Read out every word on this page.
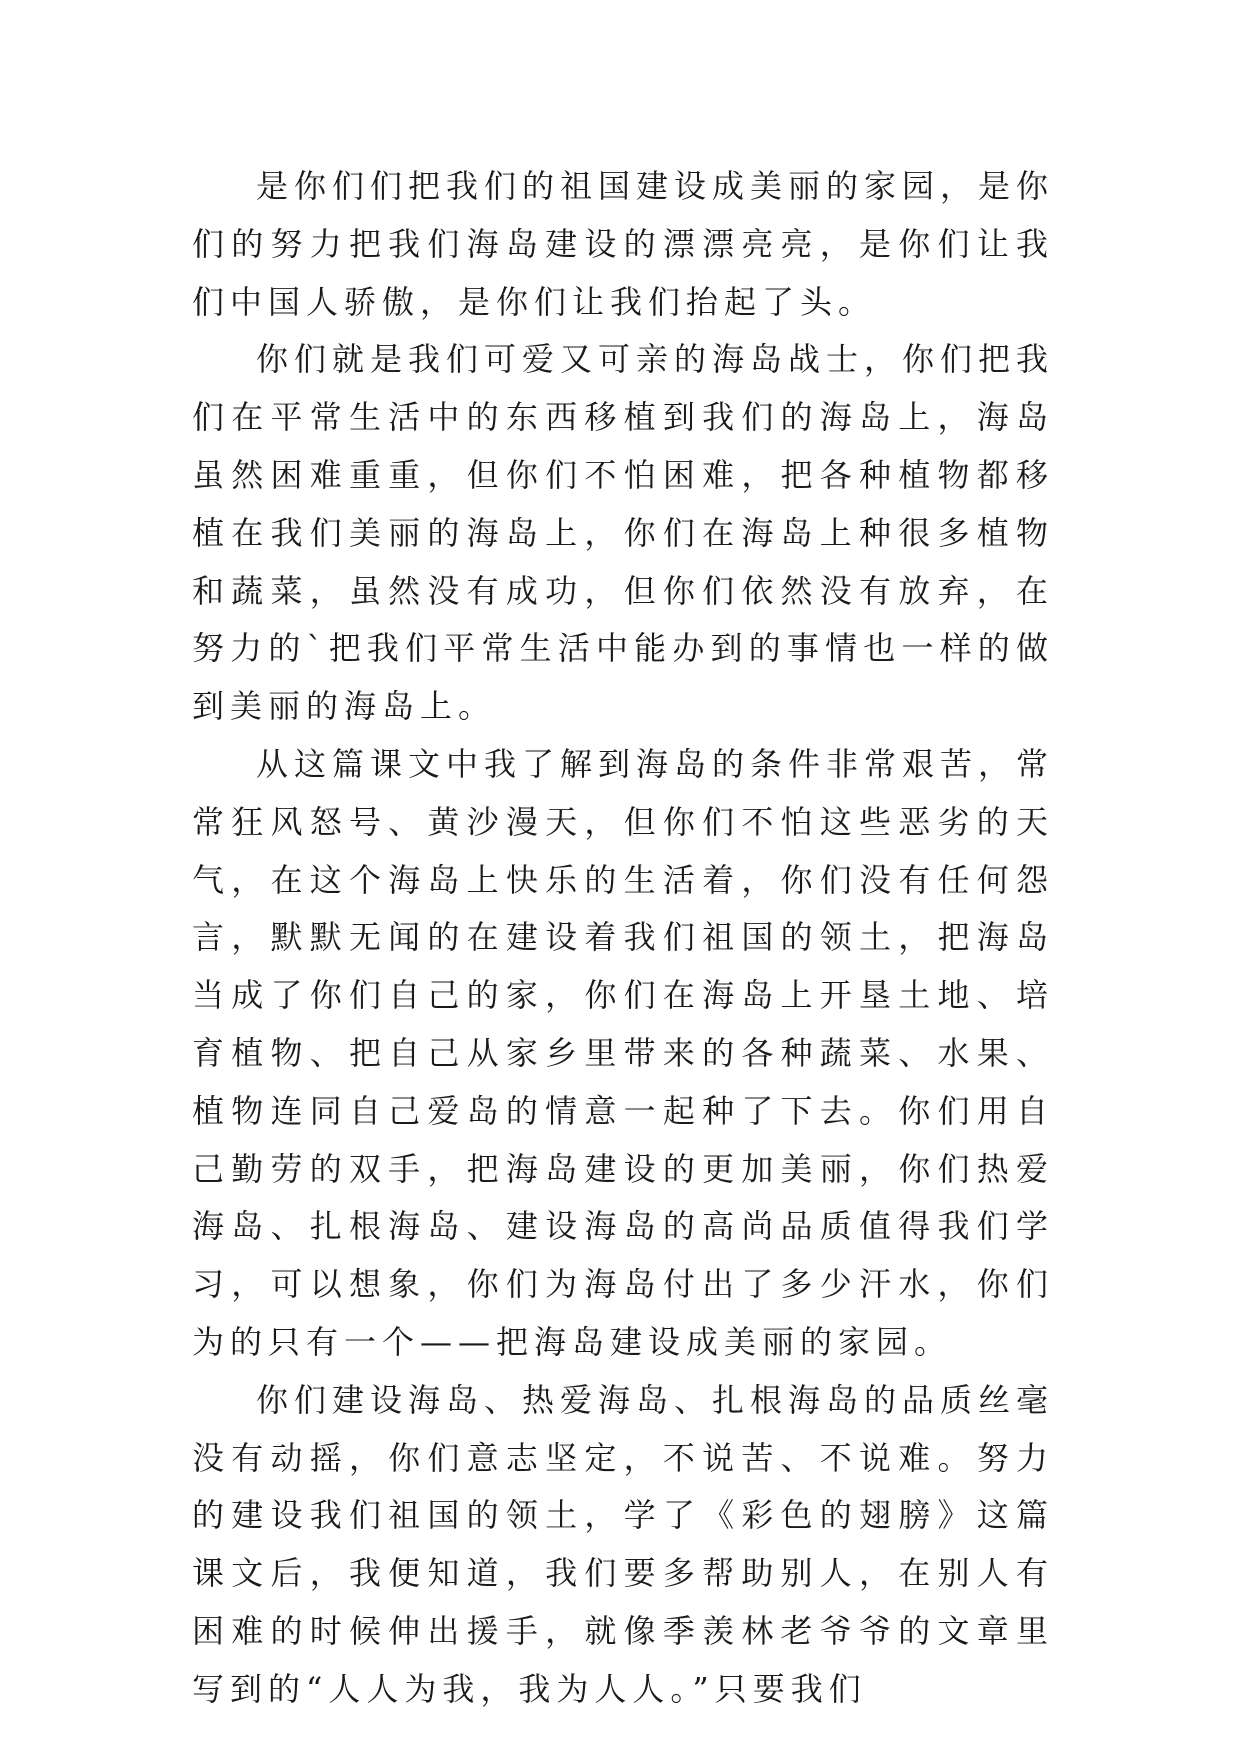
是你们们把我们的祖国建设成美丽的家园，是你们的努力把我们海岛建设的漂漂亮亮，是你们让我们中国人骄傲，是你们让我们抬起了头。

你们就是我们可爱又可亲的海岛战士，你们把我们在平常生活中的东西移植到我们的海岛上，海岛虽然困难重重，但你们不怕困难，把各种植物都移植在我们美丽的海岛上，你们在海岛上种很多植物和蔬菜，虽然没有成功，但你们依然没有放弃，在努力的`把我们平常生活中能办到的事情也一样的做到美丽的海岛上。

从这篇课文中我了解到海岛的条件非常艰苦，常常狂风怒号、黄沙漫天，但你们不怕这些恶劣的天气，在这个海岛上快乐的生活着，你们没有任何怨言，默默无闻的在建设着我们祖国的领土，把海岛当成了你们自己的家，你们在海岛上开垦土地、培育植物、把自己从家乡里带来的各种蔬菜、水果、植物连同自己爱岛的情意一起种了下去。你们用自己勤劳的双手，把海岛建设的更加美丽，你们热爱海岛、扎根海岛、建设海岛的高尚品质值得我们学习，可以想象，你们为海岛付出了多少汗水，你们为的只有一个——把海岛建设成美丽的家园。

你们建设海岛、热爱海岛、扎根海岛的品质丝毫没有动摇，你们意志坚定，不说苦、不说难。努力的建设我们祖国的领土，学了《彩色的翅膀》这篇课文后，我便知道，我们要多帮助别人，在别人有困难的时候伸出援手，就像季羡林老爷爷的文章里写到的“人人为我，我为人人。”只要我们
